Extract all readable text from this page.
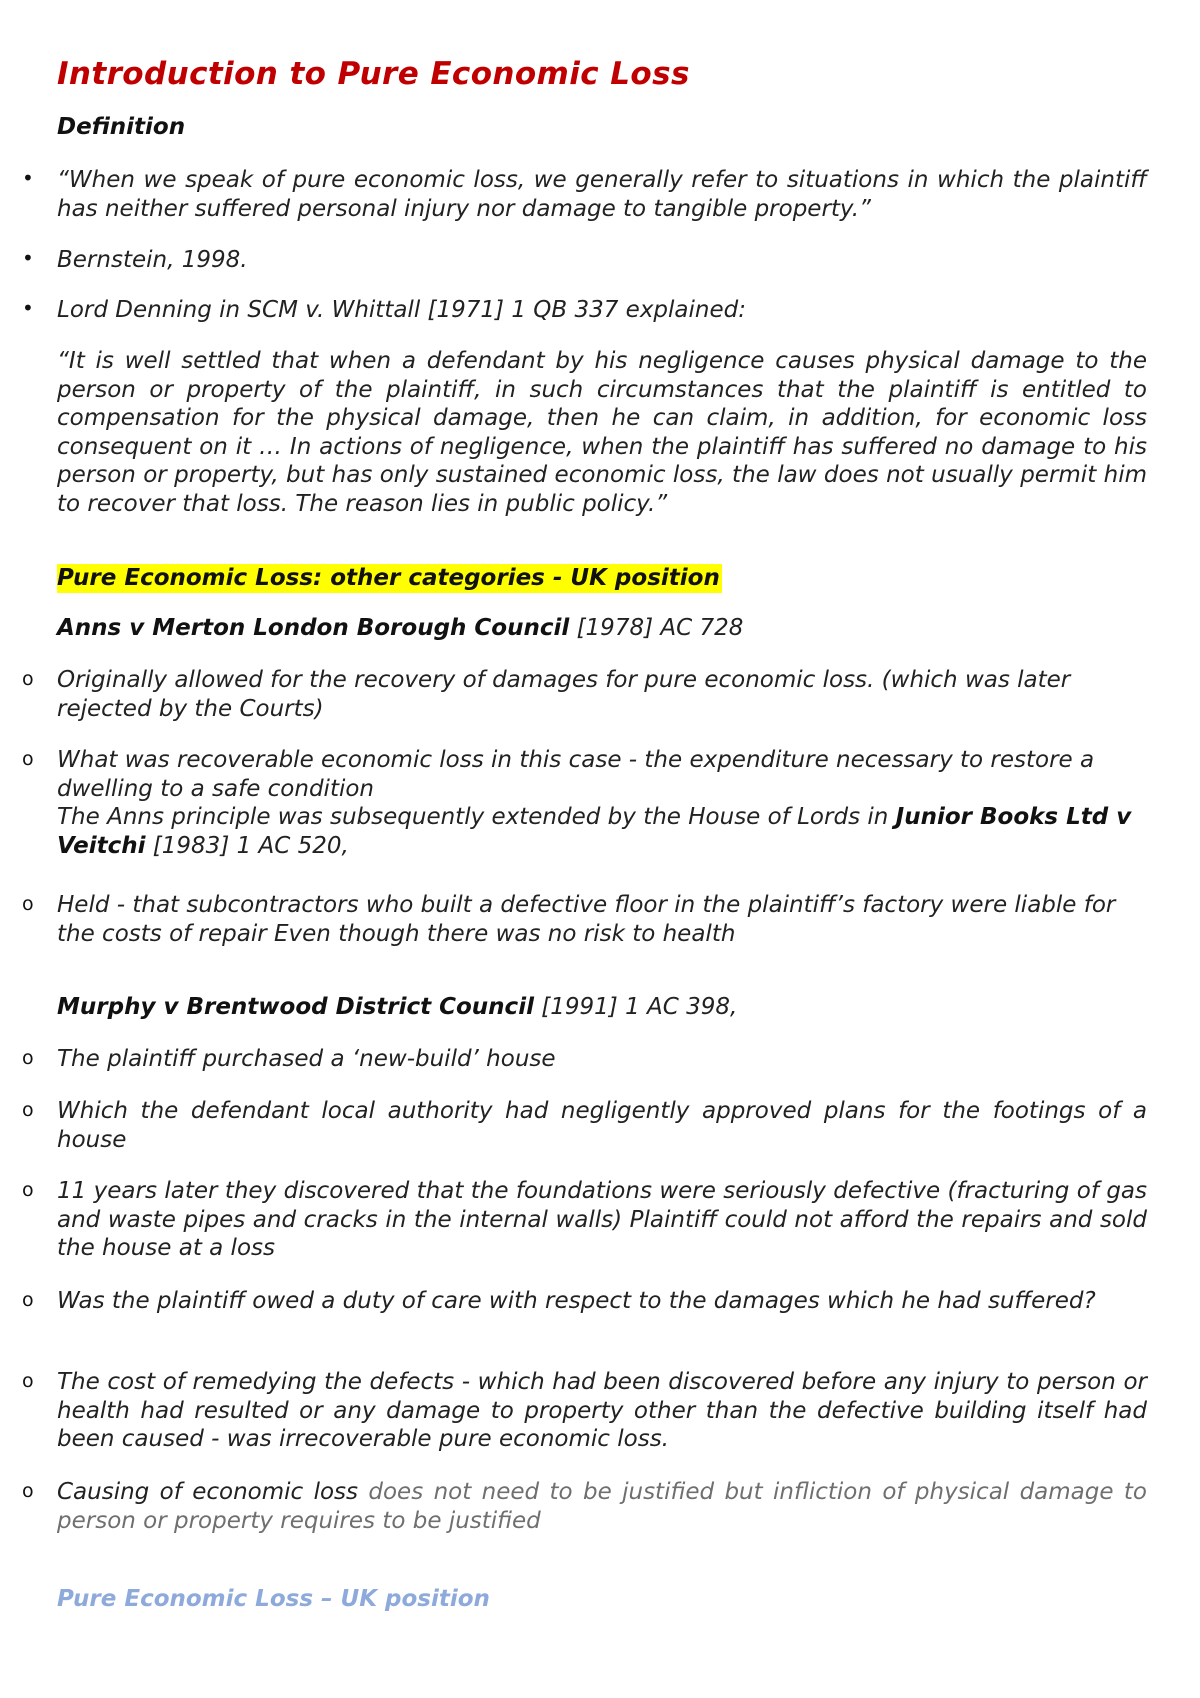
Introduction to Pure Economic Loss
Definition
• “When we speak of pure economic loss, we generally refer to situations in which the plaintiff has neither suffered personal injury nor damage to tangible property.”
• Bernstein, 1998.
• Lord Denning in SCM v. Whittall [1971] 1 QB 337 explained:
“It is well settled that when a defendant by his negligence causes physical damage to the person or property of the plaintiff, in such circumstances that the plaintiff is entitled to compensation for the physical damage, then he can claim, in addition, for economic loss consequent on it … In actions of negligence, when the plaintiff has suffered no damage to his person or property, but has only sustained economic loss, the law does not usually permit him to recover that loss. The reason lies in public policy.”
Pure Economic Loss: other categories - UK position
Anns v Merton London Borough Council [1978] AC 728
o Originally allowed for the recovery of damages for pure economic loss. (which was later rejected by the Courts)
o What was recoverable economic loss in this case - the expenditure necessary to restore a dwelling to a safe condition
The Anns principle was subsequently extended by the House of Lords in Junior Books Ltd v Veitchi [1983] 1 AC 520,
o Held - that subcontractors who built a defective floor in the plaintiff’s factory were liable for the costs of repair Even though there was no risk to health
Murphy v Brentwood District Council [1991] 1 AC 398,
o The plaintiff purchased a ‘new-build’ house
o Which the defendant local authority had negligently approved plans for the footings of a house
o 11 years later they discovered that the foundations were seriously defective (fracturing of gas and waste pipes and cracks in the internal walls) Plaintiff could not afford the repairs and sold the house at a loss
o Was the plaintiff owed a duty of care with respect to the damages which he had suffered?
o The cost of remedying the defects - which had been discovered before any injury to person or health had resulted or any damage to property other than the defective building itself had been caused - was irrecoverable pure economic loss.
o Causing of economic loss does not need to be justified but infliction of physical damage to person or property requires to be justified
Pure Economic Loss – UK position
